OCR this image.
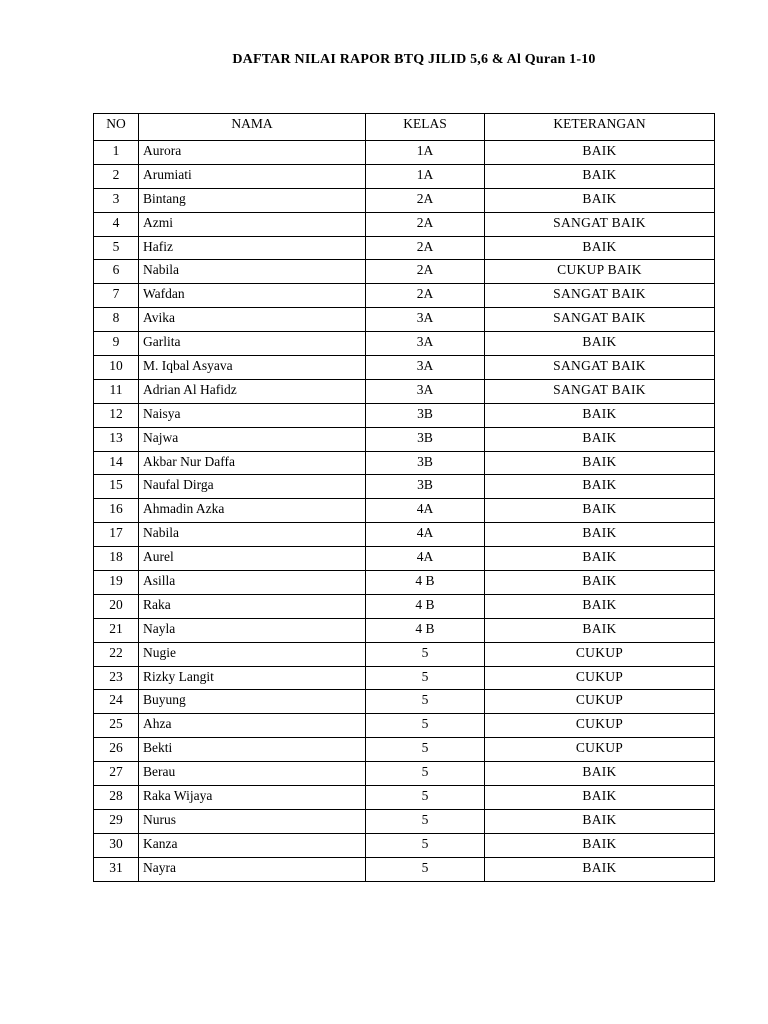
DAFTAR NILAI RAPOR BTQ JILID 5,6 & Al Quran 1-10
NO	NAMA	KELAS	KETERANGAN
1	Aurora	1A	BAIK
2	Arumiati	1A	BAIK
3	Bintang	2A	BAIK
4	Azmi	2A	SANGAT BAIK
5	Hafiz	2A	BAIK
6	Nabila	2A	CUKUP BAIK
7	Wafdan	2A	SANGAT BAIK
8	Avika	3A	SANGAT BAIK
9	Garlita	3A	BAIK
10	M. Iqbal Asyava	3A	SANGAT BAIK
11	Adrian Al Hafidz	3A	SANGAT BAIK
12	Naisya	3B	BAIK
13	Najwa	3B	BAIK
14	Akbar Nur Daffa	3B	BAIK
15	Naufal Dirga	3B	BAIK
16	Ahmadin Azka	4A	BAIK
17	Nabila	4A	BAIK
18	Aurel	4A	BAIK
19	Asilla	4 B	BAIK
20	Raka	4 B	BAIK
21	Nayla	4 B	BAIK
22	Nugie	5	CUKUP
23	Rizky Langit	5	CUKUP
24	Buyung	5	CUKUP
25	Ahza	5	CUKUP
26	Bekti	5	CUKUP
27	Berau	5	BAIK
28	Raka Wijaya	5	BAIK
29	Nurus	5	BAIK
30	Kanza	5	BAIK
31	Nayra	5	BAIK
